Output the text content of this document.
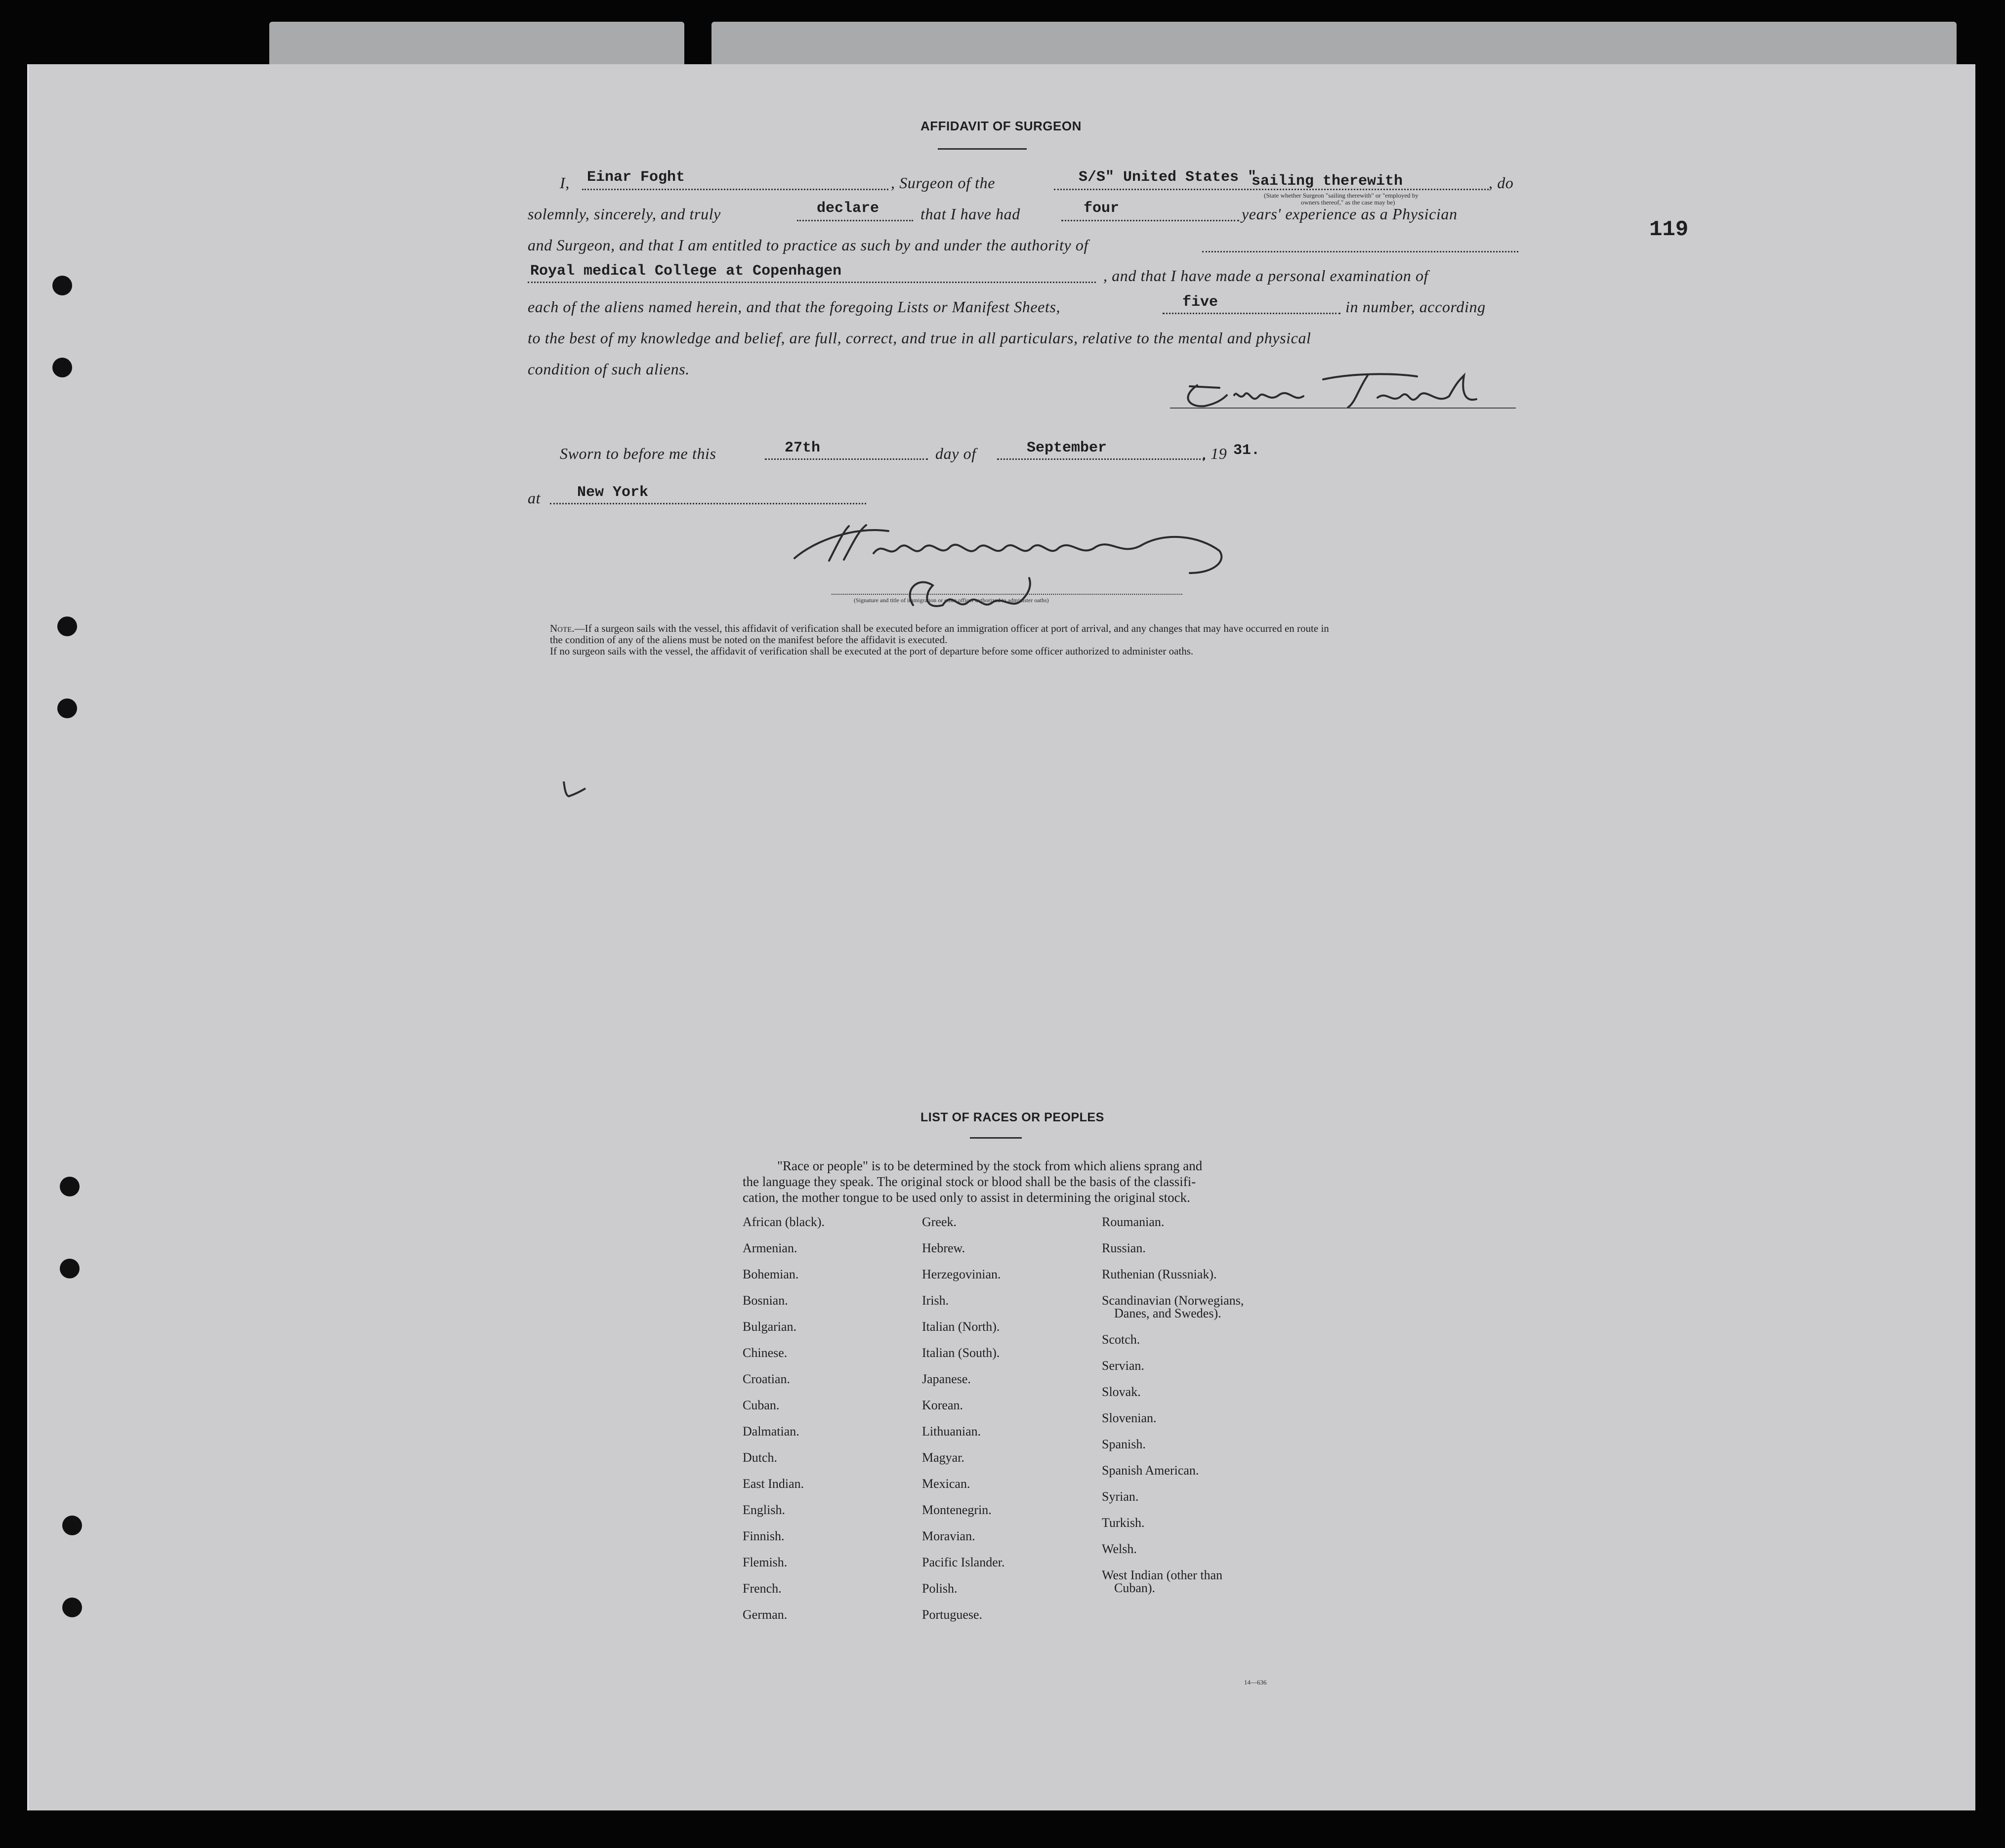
AFFIDAVIT OF SURGEON
119
I, Einar Foght	, Surgeon of the	S/S" United States "
sailing therewith	, do
(State whether Surgeon "sailing therewith" or "employed by
owners thereof," as the case may be)
solemnly, sincerely, and truly	declare	that I have had	four	years' experience as a Physician
and Surgeon, and that I am entitled to practice as such by and under the authority of
Royal medical College at Copenhagen	, and that I have made a personal examination of
each of the aliens named herein, and that the foregoing Lists or Manifest Sheets,	five	in number, according
to the best of my knowledge and belief, are full, correct, and true in all particulars, relative to the mental and physical
condition of such aliens.
Sworn to before me this	27th	day of	September	, 19 31.
at New York
(Signature and title of immigration or other officer authorized to administer oaths)
Note.—If a surgeon sails with the vessel, this affidavit of verification shall be executed before an immigration officer at port of arrival, and any changes that may have occurred en route in
the condition of any of the aliens must be noted on the manifest before the affidavit is executed.
If no surgeon sails with the vessel, the affidavit of verification shall be executed at the port of departure before some officer authorized to administer oaths.
LIST OF RACES OR PEOPLES
"Race or people" is to be determined by the stock from which aliens sprang and
the language they speak. The original stock or blood shall be the basis of the classifi-
cation, the mother tongue to be used only to assist in determining the original stock.
African (black).
Armenian.
Bohemian.
Bosnian.
Bulgarian.
Chinese.
Croatian.
Cuban.
Dalmatian.
Dutch.
East Indian.
English.
Finnish.
Flemish.
French.
German.
Greek.
Hebrew.
Herzegovinian.
Irish.
Italian (North).
Italian (South).
Japanese.
Korean.
Lithuanian.
Magyar.
Mexican.
Montenegrin.
Moravian.
Pacific Islander.
Polish.
Portuguese.
Roumanian.
Russian.
Ruthenian (Russniak).
Scandinavian (Norwegians,
Danes, and Swedes).
Scotch.
Servian.
Slovak.
Slovenian.
Spanish.
Spanish American.
Syrian.
Turkish.
Welsh.
West Indian (other than
Cuban).
14—636
